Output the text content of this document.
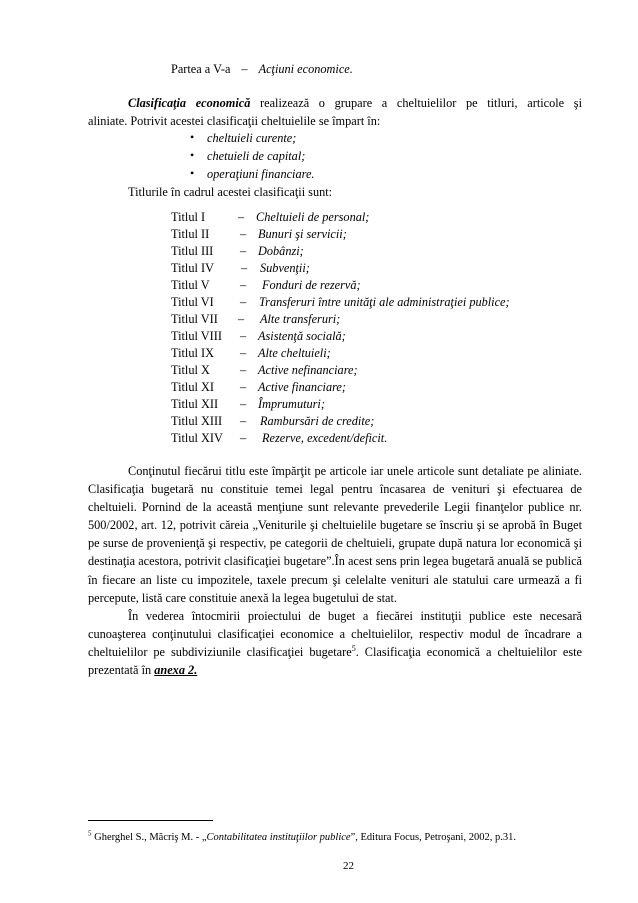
Partea a V-a – Acţiuni economice.
Clasificaţia economică realizează o grupare a cheltuielilor pe titluri, articole şi
aliniate. Potrivit acestei clasificaţii cheltuielile se împart în:
• cheltuieli curente;
• chetuieli de capital;
• operaţiuni financiare.
Titlurile în cadrul acestei clasificaţii sunt:
Titlul I	– Cheltuieli de personal;
Titlul II	– Bunuri şi servicii;
Titlul III – Dobânzi;
Titlul IV – Subvenţii;
Titlul V – Fonduri de rezervă;
Titlul VI – Transferuri între unităţi ale administraţiei publice;
Titlul VII – Alte transferuri;
Titlul VIII – Asistenţă socială;
Titlul IX – Alte cheltuieli;
Titlul X – Active nefinanciare;
Titlul XI – Active financiare;
Titlul XII – Împrumuturi;
Titlul XIII – Rambursări de credite;
Titlul XIV – Rezerve, excedent/deficit.

Conţinutul fiecărui titlu este împărţit pe articole iar unele articole sunt detaliate pe aliniate. Clasificaţia bugetară nu constituie temei legal pentru încasarea de venituri şi efectuarea de cheltuieli. Pornind de la această menţiune sunt relevante prevederile Legii finanţelor publice nr. 500/2002, art. 12, potrivit căreia „Veniturile şi cheltuielile bugetare se înscriu şi se aprobă în Buget pe surse de provenienţă şi respectiv, pe categorii de cheltuieli, grupate după natura lor economică şi destinaţia acestora, potrivit clasificaţiei bugetare”.În acest sens prin legea bugetară anuală se publică în fiecare an liste cu impozitele, taxele precum şi celelalte venituri ale statului care urmează a fi percepute, listă care constituie anexă la legea bugetului de stat.

În vederea întocmirii proiectului de buget a fiecărei instituţii publice este necesară cunoaşterea conţinutului clasificaţiei economice a cheltuielilor, respectiv modul de încadrare a cheltuielilor pe subdiviziunile clasificaţiei bugetare$^5$. Clasificaţia economică a cheltuielilor este prezentată în anexa 2.

$^5$ Gherghel S., Măcriş M. - „Contabilitatea instituţiilor publice”, Editura Focus, Petroşani, 2002, p.31.
22
